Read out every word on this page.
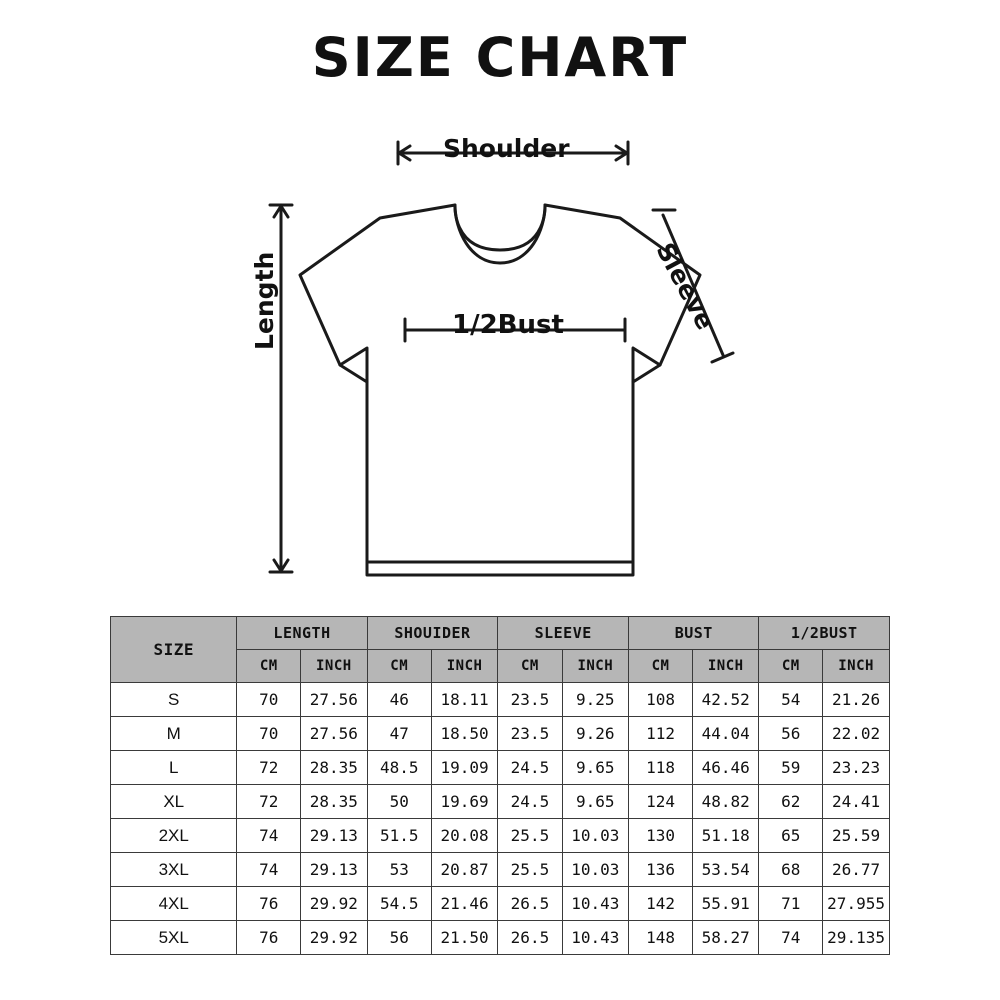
SIZE CHART
Shoulder
Length	Sleeve
1/2Bust
SIZE	LENGTH		SHOUIDER		SLEEVE		BUST		1/2BUST	
	CM	INCH	CM	INCH	CM	INCH	CM	INCH	CM	INCH
S	70	27.56	46	18.11	23.5	9.25	108	42.52	54	21.26
M	70	27.56	47	18.50	23.5	9.26	112	44.04	56	22.02
L	72	28.35	48.5	19.09	24.5	9.65	118	46.46	59	23.23
XL	72	28.35	50	19.69	24.5	9.65	124	48.82	62	24.41
2XL	74	29.13	51.5	20.08	25.5	10.03	130	51.18	65	25.59
3XL	74	29.13	53	20.87	25.5	10.03	136	53.54	68	26.77
4XL	76	29.92	54.5	21.46	26.5	10.43	142	55.91	71	27.955
5XL	76	29.92	56	21.50	26.5	10.43	148	58.27	74	29.135
